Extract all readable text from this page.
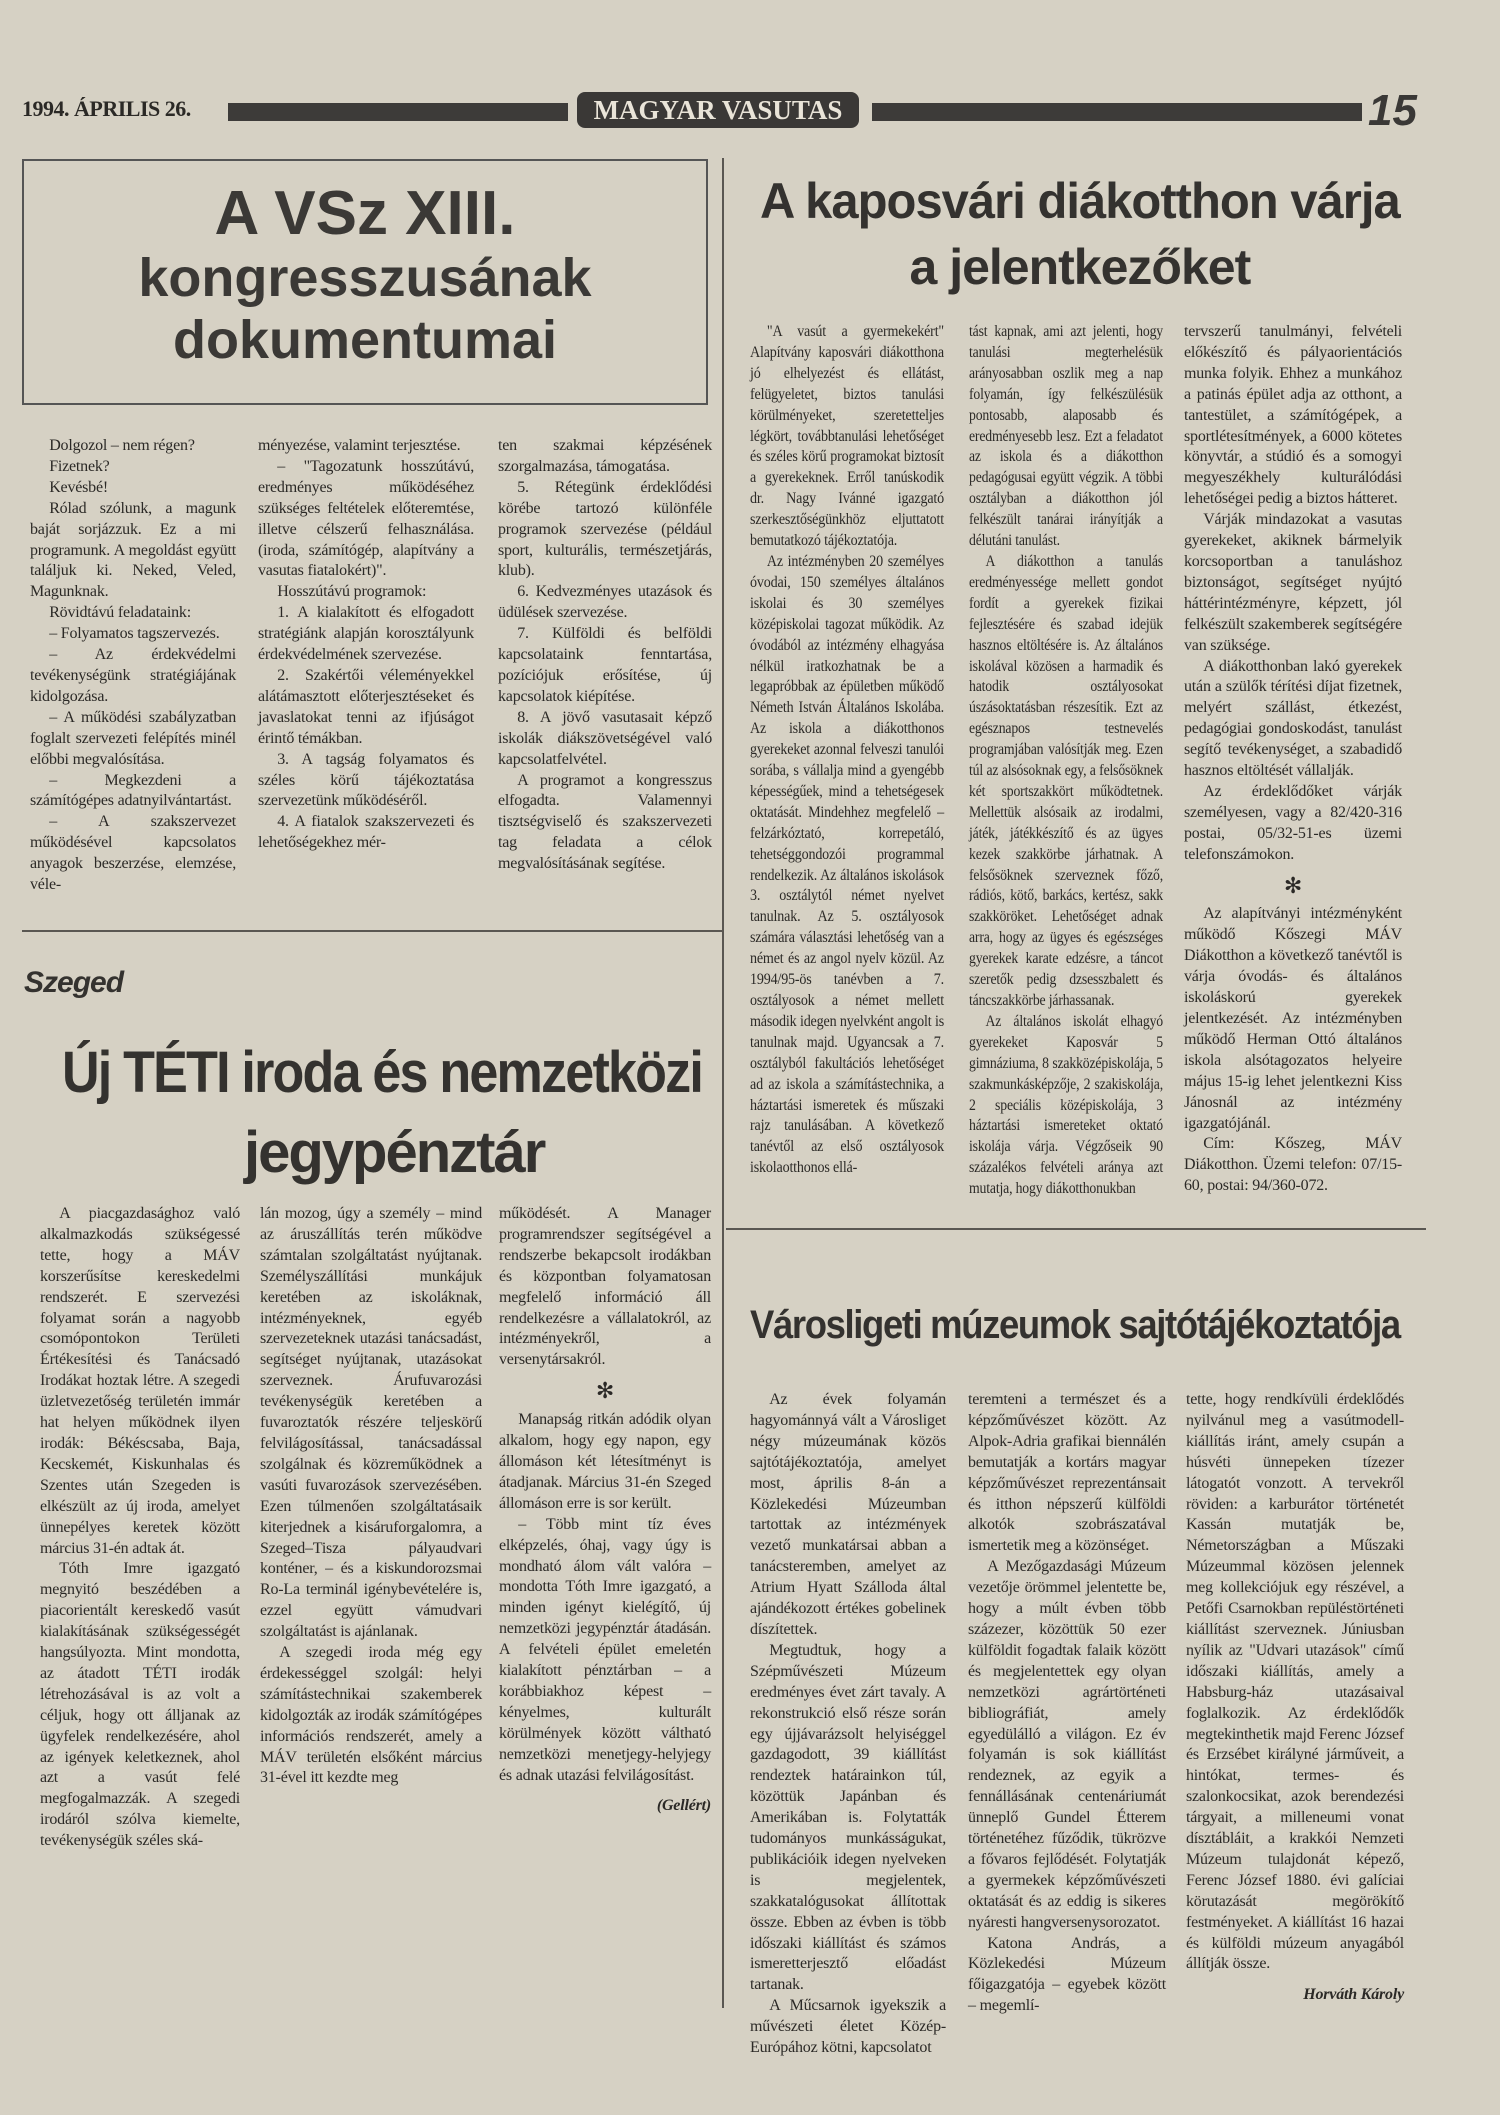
1994. ÁPRILIS 26.	MAGYAR VASUTAS	15
A VSz XIII.
kongresszusának
dokumentumai

Dolgozol – nem régen?

Fizetnek?

Kevésbé!

Rólad szólunk, a magunk baját sorjázzuk. Ez a mi programunk. A megoldást együtt találjuk ki. Neked, Veled, Magunknak.

Rövidtávú feladataink:

– Folyamatos tagszervezés.

– Az érdekvédelmi tevékenységünk stratégiájának kidolgozása.

– A működési szabályzatban foglalt szervezeti felépítés minél előbbi megvalósítása.

– Megkezdeni a számítógépes adatnyilvántartást.

– A szakszervezet működésével kapcsolatos anyagok beszerzése, elemzése, véle-

ményezése, valamint terjesztése.

– "Tagozatunk hosszútávú, eredményes működéséhez szükséges feltételek előteremtése, illetve célszerű felhasználása. (iroda, számítógép, alapítvány a vasutas fiatalokért)".

Hosszútávú programok:

1. A kialakított és elfogadott stratégiánk alapján korosztályunk érdekvédelmének szervezése.

2. Szakértői véleményekkel alátámasztott előterjesztéseket és javaslatokat tenni az ifjúságot érintő témákban.

3. A tagság folyamatos és széles körű tájékoztatása szervezetünk működéséről.

4. A fiatalok szakszervezeti és lehetőségekhez mér-

ten szakmai képzésének szorgalmazása, támogatása.

5. Rétegünk érdeklődési körébe tartozó különféle programok szervezése (például sport, kulturális, természetjárás, klub).

6. Kedvezményes utazások és üdülések szervezése.

7. Külföldi és belföldi kapcsolataink fenntartása, pozíciójuk erősítése, új kapcsolatok kiépítése.

8. A jövő vasutasait képző iskolák diákszövetségével való kapcsolatfelvétel.

A programot a kongresszus elfogadta. Valamennyi tisztségviselő és szakszervezeti tag feladata a célok megvalósításának segítése.

Szeged
Új TÉTI iroda és nemzetközi
jegypénztár

A piacgazdasághoz való alkalmazkodás szükségessé tette, hogy a MÁV korszerűsítse kereskedelmi rendszerét. E szervezési folyamat során a nagyobb csomópontokon Területi Értékesítési és Tanácsadó Irodákat hoztak létre. A szegedi üzletvezetőség területén immár hat helyen működnek ilyen irodák: Békéscsaba, Baja, Kecskemét, Kiskunhalas és Szentes után Szegeden is elkészült az új iroda, amelyet ünnepélyes keretek között március 31-én adtak át.

Tóth Imre igazgató megnyitó beszédében a piacorientált kereskedő vasút kialakításának szükségességét hangsúlyozta. Mint mondotta, az átadott TÉTI irodák létrehozásával is az volt a céljuk, hogy ott álljanak az ügyfelek rendelkezésére, ahol az igények keletkeznek, ahol azt a vasút felé megfogalmazzák. A szegedi irodáról szólva kiemelte, tevékenységük széles ská-

lán mozog, úgy a személy – mind az áruszállítás terén működve számtalan szolgáltatást nyújtanak. Személyszállítási munkájuk keretében az iskoláknak, intézményeknek, egyéb szervezeteknek utazási tanácsadást, segítséget nyújtanak, utazásokat szerveznek. Árufuvarozási tevékenységük keretében a fuvaroztatók részére teljeskörű felvilágosítással, tanácsadással szolgálnak és közreműködnek a vasúti fuvarozások szervezésében. Ezen túlmenően szolgáltatásaik kiterjednek a kisáruforgalomra, a Szeged–Tisza pályaudvari konténer, – és a kiskundorozsmai Ro-La terminál igénybevételére is, ezzel együtt vámudvari szolgáltatást is ajánlanak.

A szegedi iroda még egy érdekességgel szolgál: helyi számítástechnikai szakemberek kidolgozták az irodák számítógépes információs rendszerét, amely a MÁV területén elsőként március 31-ével itt kezdte meg

működését. A Manager programrendszer segítségével a rendszerbe bekapcsolt irodákban és központban folyamatosan megfelelő információ áll rendelkezésre a vállalatokról, az intézményekről, a versenytársakról.

✻

Manapság ritkán adódik olyan alkalom, hogy egy napon, egy állomáson két létesítményt is átadjanak. Március 31-én Szeged állomáson erre is sor került.

– Több mint tíz éves elképzelés, óhaj, vagy úgy is mondható álom vált valóra – mondotta Tóth Imre igazgató, a minden igényt kielégítő, új nemzetközi jegypénztár átadásán. A felvételi épület emeletén kialakított pénztárban – a korábbiakhoz képest – kényelmes, kulturált körülmények között váltható nemzetközi menetjegy-helyjegy és adnak utazási felvilágosítást.

(Gellért)
A kaposvári diákotthon várja
a jelentkezőket

"A vasút a gyermekekért" Alapítvány kaposvári diákotthona jó elhelyezést és ellátást, felügyeletet, biztos tanulási körülményeket, szeretetteljes légkört, továbbtanulási lehetőséget és széles körű programokat biztosít a gyerekeknek. Erről tanúskodik dr. Nagy Ivánné igazgató szerkesztőségünkhöz eljuttatott bemutatkozó tájékoztatója.

Az intézményben 20 személyes óvodai, 150 személyes általános iskolai és 30 személyes középiskolai tagozat működik. Az óvodából az intézmény elhagyása nélkül iratkozhatnak be a legapróbbak az épületben működő Németh István Általános Iskolába. Az iskola a diákotthonos gyerekeket azonnal felveszi tanulói sorába, s vállalja mind a gyengébb képességűek, mind a tehetségesek oktatását. Mindehhez megfelelő – felzárkóztató, korrepetáló, tehetséggondozói programmal rendelkezik. Az általános iskolások 3. osztálytól német nyelvet tanulnak. Az 5. osztályosok számára választási lehetőség van a német és az angol nyelv közül. Az 1994/95-ös tanévben a 7. osztályosok a német mellett második idegen nyelvként angolt is tanulnak majd. Ugyancsak a 7. osztályból fakultációs lehetőséget ad az iskola a számítástechnika, a háztartási ismeretek és műszaki rajz tanulásában. A következő tanévtől az első osztályosok iskolaotthonos ellá-

tást kapnak, ami azt jelenti, hogy tanulási megterhelésük arányosabban oszlik meg a nap folyamán, így felkészülésük pontosabb, alaposabb és eredményesebb lesz. Ezt a feladatot az iskola és a diákotthon pedagógusai együtt végzik. A többi osztályban a diákotthon jól felkészült tanárai irányítják a délutáni tanulást.

A diákotthon a tanulás eredményessége mellett gondot fordít a gyerekek fizikai fejlesztésére és szabad idejük hasznos eltöltésére is. Az általános iskolával közösen a harmadik és hatodik osztályosokat úszásoktatásban részesítik. Ezt az egésznapos testnevelés programjában valósítják meg. Ezen túl az alsósoknak egy, a felsősöknek két sportszakkört működtetnek. Mellettük alsósaik az irodalmi, játék, játékkészítő és az ügyes kezek szakkörbe járhatnak. A felsősöknek szerveznek főző, rádiós, kötő, barkács, kertész, sakk szakköröket. Lehetőséget adnak arra, hogy az ügyes és egészséges gyerekek karate edzésre, a táncot szeretők pedig dzsesszbalett és táncszakkörbe járhassanak.

Az általános iskolát elhagyó gyerekeket Kaposvár 5 gimnáziuma, 8 szakközépiskolája, 5 szakmunkásképzője, 2 szakiskolája, 2 speciális középiskolája, 3 háztartási ismereteket oktató iskolája várja. Végzőseik 90 százalékos felvételi aránya azt mutatja, hogy diákotthonukban

tervszerű tanulmányi, felvételi előkészítő és pályaorientációs munka folyik. Ehhez a munkához a patinás épület adja az otthont, a tantestület, a számítógépek, a sportlétesítmények, a 6000 kötetes könyvtár, a stúdió és a somogyi megyeszékhely kulturálódási lehetőségei pedig a biztos hátteret.

Várják mindazokat a vasutas gyerekeket, akiknek bármelyik korcsoportban a tanuláshoz biztonságot, segítséget nyújtó háttérintézményre, képzett, jól felkészült szakemberek segítségére van szüksége.

A diákotthonban lakó gyerekek után a szülők térítési díjat fizetnek, melyért szállást, étkezést, pedagógiai gondoskodást, tanulást segítő tevékenységet, a szabadidő hasznos eltöltését vállalják.

Az érdeklődőket várják személyesen, vagy a 82/420-316 postai, 05/32-51-es üzemi telefonszámokon.

✻

Az alapítványi intézményként működő Kőszegi MÁV Diákotthon a következő tanévtől is várja óvodás- és általános iskoláskorú gyerekek jelentkezését. Az intézményben működő Herman Ottó általános iskola alsótagozatos helyeire május 15-ig lehet jelentkezni Kiss Jánosnál az intézmény igazgatójánál.

Cím: Kőszeg, MÁV Diákotthon. Üzemi telefon: 07/15-60, postai: 94/360-072.

Városligeti múzeumok sajtótájékoztatója

Az évek folyamán hagyománnyá vált a Városliget négy múzeumának közös sajtótájékoztatója, amelyet most, április 8-án a Közlekedési Múzeumban tartottak az intézmények vezető munkatársai abban a tanácsteremben, amelyet az Atrium Hyatt Szálloda által ajándékozott értékes gobelinek díszítettek.

Megtudtuk, hogy a Szépművészeti Múzeum eredményes évet zárt tavaly. A rekonstrukció első része során egy újjávarázsolt helyiséggel gazdagodott, 39 kiállítást rendeztek határainkon túl, közöttük Japánban és Amerikában is. Folytatták tudományos munkásságukat, publikációik idegen nyelveken is megjelentek, szakkatalógusokat állítottak össze. Ebben az évben is több időszaki kiállítást és számos ismeretterjesztő előadást tartanak.

A Műcsarnok igyekszik a művészeti életet Közép-Európához kötni, kapcsolatot

teremteni a természet és a képzőművészet között. Az Alpok-Adria grafikai biennálén bemutatják a kortárs magyar képzőművészet reprezentánsait és itthon népszerű külföldi alkotók szobrászatával ismertetik meg a közönséget.

A Mezőgazdasági Múzeum vezetője örömmel jelentette be, hogy a múlt évben több százezer, közöttük 50 ezer külföldit fogadtak falaik között és megjelentettek egy olyan nemzetközi agrártörténeti bibliográfiát, amely egyedülálló a világon. Ez év folyamán is sok kiállítást rendeznek, az egyik a fennállásának centenáriumát ünneplő Gundel Étterem történetéhez fűződik, tükrözve a fővaros fejlődését. Folytatják a gyermekek képzőművészeti oktatását és az eddig is sikeres nyáresti hangversenysorozatot.

Katona András, a Közlekedési Múzeum főigazgatója – egyebek között – megemlí-

tette, hogy rendkívüli érdeklődés nyilvánul meg a vasútmodell-kiállítás iránt, amely csupán a húsvéti ünnepeken tízezer látogatót vonzott. A tervekről röviden: a karburátor történetét Kassán mutatják be, Németországban a Műszaki Múzeummal közösen jelennek meg kollekciójuk egy részével, a Petőfi Csarnokban repüléstörténeti kiállítást szerveznek. Júniusban nyílik az "Udvari utazások" című időszaki kiállítás, amely a Habsburg-ház utazásaival foglalkozik. Az érdeklődők megtekinthetik majd Ferenc József és Erzsébet királyné járműveit, a hintókat, termes- és szalonkocsikat, azok berendezési tárgyait, a milleneumi vonat dísztábláit, a krakkói Nemzeti Múzeum tulajdonát képező, Ferenc József 1880. évi galíciai körutazását megörökítő festményeket. A kiállítást 16 hazai és külföldi múzeum anyagából állítják össze.

Horváth Károly
